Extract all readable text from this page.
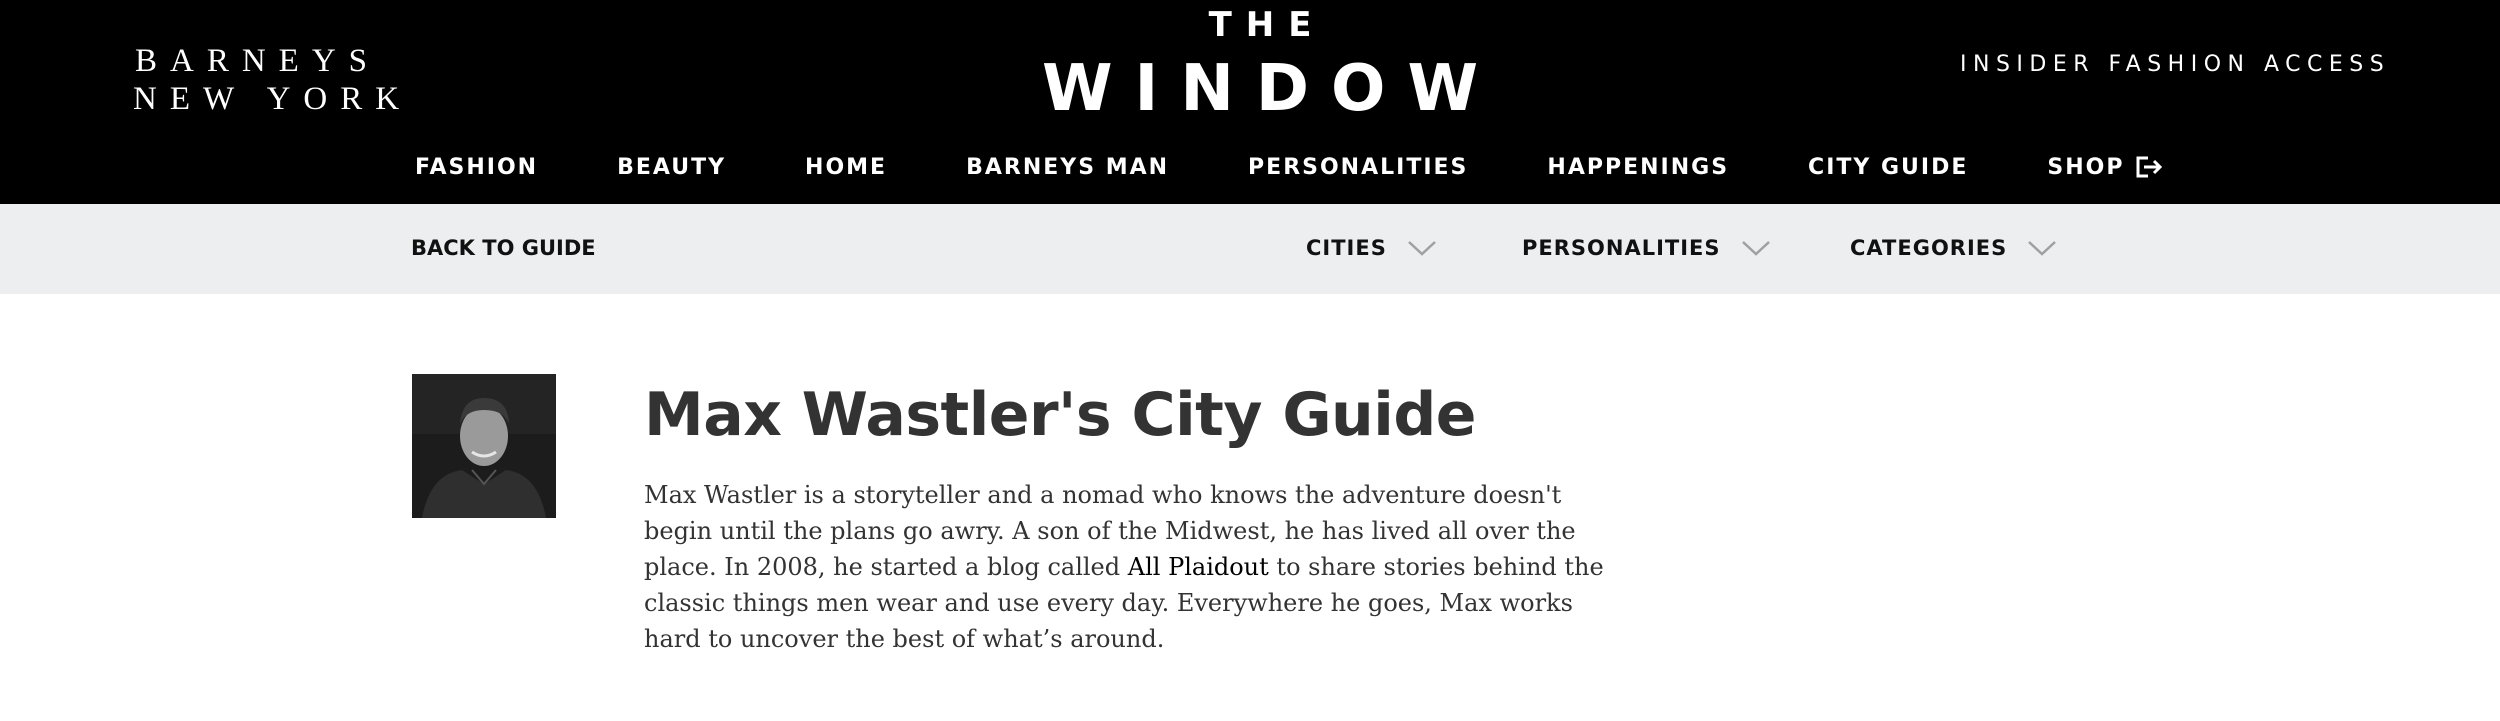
BARNEYS
NEW YORK
THE
WINDOW	INSIDER FASHION ACCESS
FASHION	BEAUTY	HOME	BARNEYS MAN	PERSONALITIES	HAPPENINGS	CITY GUIDE	SHOP
BACK TO GUIDE	CITIES	PERSONALITIES	CATEGORIES
Max Wastler's City Guide

Max Wastler is a storyteller and a nomad who knows the adventure doesn't begin until the plans go awry. A son of the Midwest, he has lived all over the place. In 2008, he started a blog called All Plaidout to share stories behind the classic things men wear and use every day. Everywhere he goes, Max works hard to uncover the best of what’s around.
